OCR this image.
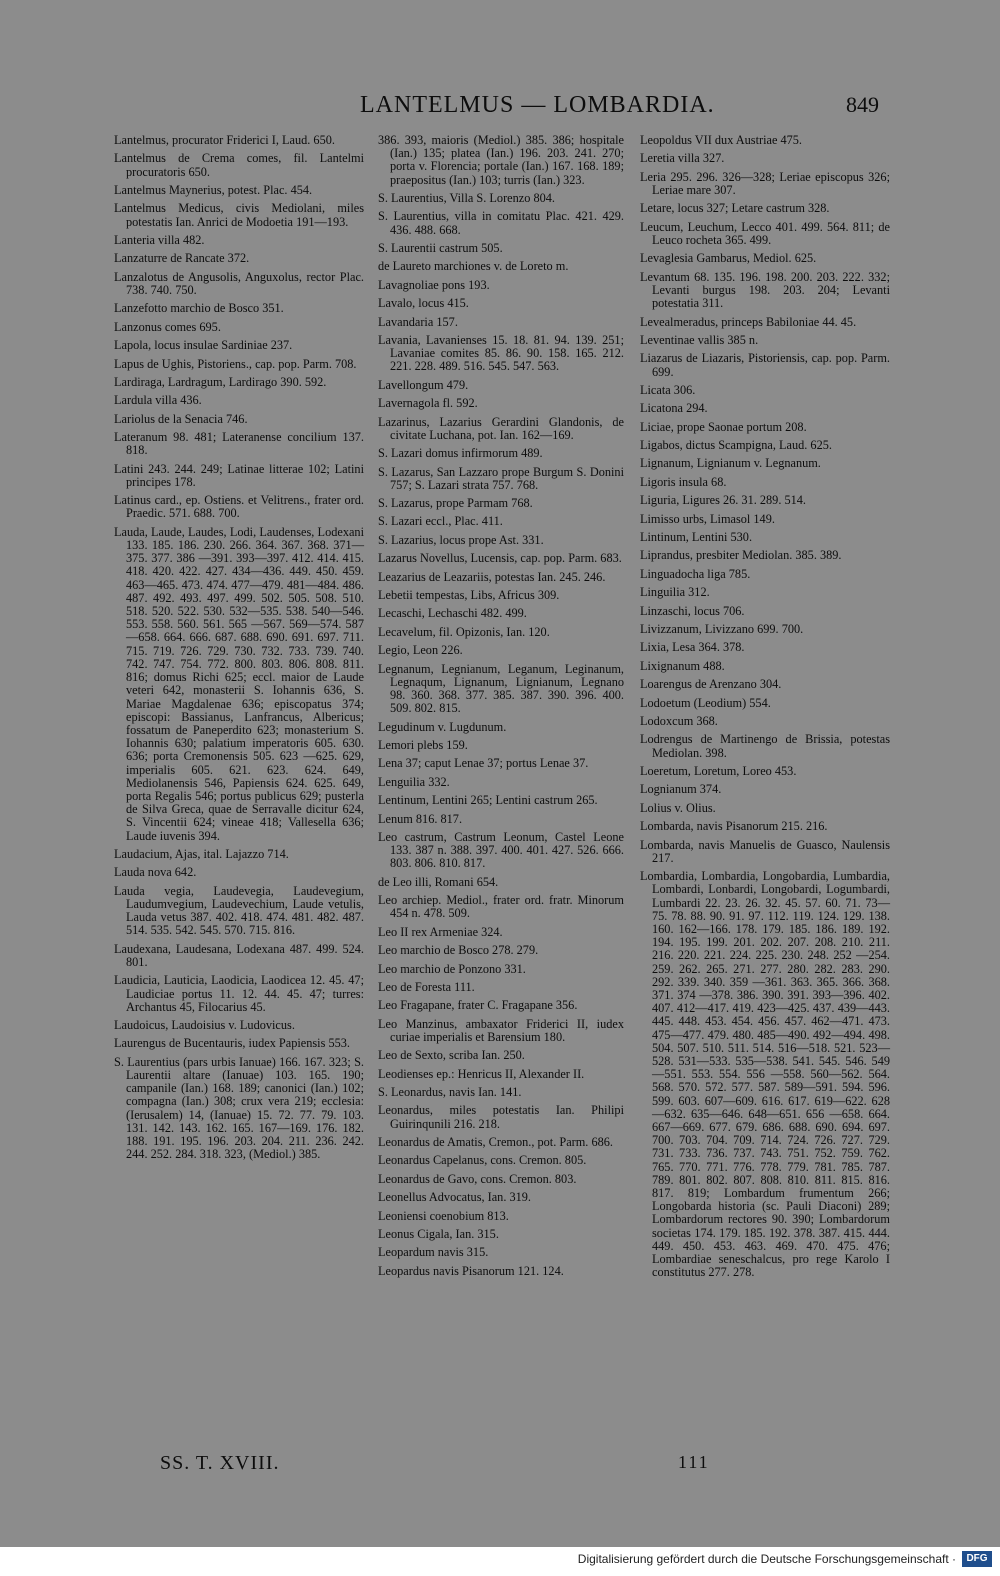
LANTELMUS — LOMBARDIA.	849

Lantelmus, procurator Friderici I, Laud. 650.

Lantelmus de Crema comes, fil. Lantelmi procuratoris 650.

Lantelmus Maynerius, potest. Plac. 454.

Lantelmus Medicus, civis Mediolani, miles potestatis Ian. Anrici de Modoetia 191—193.

Lanteria villa 482.

Lanzaturre de Rancate 372.

Lanzalotus de Angusolis, Anguxolus, rector Plac. 738. 740. 750.

Lanzefotto marchio de Bosco 351.

Lanzonus comes 695.

Lapola, locus insulae Sardiniae 237.

Lapus de Ughis, Pistoriens., cap. pop. Parm. 708.

Lardiraga, Lardragum, Lardirago 390. 592.

Lardula villa 436.

Lariolus de la Senacia 746.

Lateranum 98. 481; Lateranense concilium 137. 818.

Latini 243. 244. 249; Latinae litterae 102; Latini principes 178.

Latinus card., ep. Ostiens. et Velitrens., frater ord. Praedic. 571. 688. 700.

Lauda, Laude, Laudes, Lodi, Laudenses, Lodexani 133. 185. 186. 230. 266. 364. 367. 368. 371—375. 377. 386 —391. 393—397. 412. 414. 415. 418. 420. 422. 427. 434—436. 449. 450. 459. 463—465. 473. 474. 477—479. 481—484. 486. 487. 492. 493. 497. 499. 502. 505. 508. 510. 518. 520. 522. 530. 532—535. 538. 540—546. 553. 558. 560. 561. 565 —567. 569—574. 587—658. 664. 666. 687. 688. 690. 691. 697. 711. 715. 719. 726. 729. 730. 732. 733. 739. 740. 742. 747. 754. 772. 800. 803. 806. 808. 811. 816; domus Richi 625; eccl. maior de Laude veteri 642, monasterii S. Iohannis 636, S. Mariae Magdalenae 636; episcopatus 374; episcopi: Bassianus, Lanfrancus, Albericus; fossatum de Paneperdito 623; monasterium S. Iohannis 630; palatium imperatoris 605. 630. 636; porta Cremonensis 505. 623 —625. 629, imperialis 605. 621. 623. 624. 649, Mediolanensis 546, Papiensis 624. 625. 649, porta Regalis 546; portus publicus 629; pusterla de Silva Greca, quae de Serravalle dicitur 624, S. Vincentii 624; vineae 418; Vallesella 636; Laude iuvenis 394.

Laudacium, Ajas, ital. Lajazzo 714.

Lauda nova 642.

Lauda vegia, Laudevegia, Laudevegium, Laudumvegium, Laudevechium, Laude vetulis, Lauda vetus 387. 402. 418. 474. 481. 482. 487. 514. 535. 542. 545. 570. 715. 816.

Laudexana, Laudesana, Lodexana 487. 499. 524. 801.

Laudicia, Lauticia, Laodicia, Laodicea 12. 45. 47; Laudiciae portus 11. 12. 44. 45. 47; turres: Archantus 45, Filocarius 45.

Laudoicus, Laudoisius v. Ludovicus.

Laurengus de Bucentauris, iudex Papiensis 553.

S. Laurentius (pars urbis Ianuae) 166. 167. 323; S. Laurentii altare (Ianuae) 103. 165. 190; campanile (Ian.) 168. 189; canonici (Ian.) 102; compagna (Ian.) 308; crux vera 219; ecclesia: (Ierusalem) 14, (Ianuae) 15. 72. 77. 79. 103. 131. 142. 143. 162. 165. 167—169. 176. 182. 188. 191. 195. 196. 203. 204. 211. 236. 242. 244. 252. 284. 318. 323, (Mediol.) 385.

386. 393, maioris (Mediol.) 385. 386; hospitale (Ian.) 135; platea (Ian.) 196. 203. 241. 270; porta v. Florencia; portale (Ian.) 167. 168. 189; praepositus (Ian.) 103; turris (Ian.) 323.

S. Laurentius, Villa S. Lorenzo 804.

S. Laurentius, villa in comitatu Plac. 421. 429. 436. 488. 668.

S. Laurentii castrum 505.

de Laureto marchiones v. de Loreto m.

Lavagnoliae pons 193.

Lavalo, locus 415.

Lavandaria 157.

Lavania, Lavanienses 15. 18. 81. 94. 139. 251; Lavaniae comites 85. 86. 90. 158. 165. 212. 221. 228. 489. 516. 545. 547. 563.

Lavellongum 479.

Lavernagola fl. 592.

Lazarinus, Lazarius Gerardini Glandonis, de civitate Luchana, pot. Ian. 162—169.

S. Lazari domus infirmorum 489.

S. Lazarus, San Lazzaro prope Burgum S. Donini 757; S. Lazari strata 757. 768.

S. Lazarus, prope Parmam 768.

S. Lazari eccl., Plac. 411.

S. Lazarius, locus prope Ast. 331.

Lazarus Novellus, Lucensis, cap. pop. Parm. 683.

Leazarius de Leazariis, potestas Ian. 245. 246.

Lebetii tempestas, Libs, Africus 309.

Lecaschi, Lechaschi 482. 499.

Lecavelum, fil. Opizonis, Ian. 120.

Legio, Leon 226.

Legnanum, Legnianum, Leganum, Leginanum, Legnaqum, Lignanum, Lignianum, Legnano 98. 360. 368. 377. 385. 387. 390. 396. 400. 509. 802. 815.

Legudinum v. Lugdunum.

Lemori plebs 159.

Lena 37; caput Lenae 37; portus Lenae 37.

Lenguilia 332.

Lentinum, Lentini 265; Lentini castrum 265.

Lenum 816. 817.

Leo castrum, Castrum Leonum, Castel Leone 133. 387 n. 388. 397. 400. 401. 427. 526. 666. 803. 806. 810. 817.

de Leo illi, Romani 654.

Leo archiep. Mediol., frater ord. fratr. Minorum 454 n. 478. 509.

Leo II rex Armeniae 324.

Leo marchio de Bosco 278. 279.

Leo marchio de Ponzono 331.

Leo de Foresta 111.

Leo Fragapane, frater C. Fragapane 356.

Leo Manzinus, ambaxator Friderici II, iudex curiae imperialis et Barensium 180.

Leo de Sexto, scriba Ian. 250.

Leodienses ep.: Henricus II, Alexander II.

S. Leonardus, navis Ian. 141.

Leonardus, miles potestatis Ian. Philipi Guirinqunili 216. 218.

Leonardus de Amatis, Cremon., pot. Parm. 686.

Leonardus Capelanus, cons. Cremon. 805.

Leonardus de Gavo, cons. Cremon. 803.

Leonellus Advocatus, Ian. 319.

Leoniensi coenobium 813.

Leonus Cigala, Ian. 315.

Leopardum navis 315.

Leopardus navis Pisanorum 121. 124.

Leopoldus VII dux Austriae 475.

Leretia villa 327.

Leria 295. 296. 326—328; Leriae episcopus 326; Leriae mare 307.

Letare, locus 327; Letare castrum 328.

Leucum, Leuchum, Lecco 401. 499. 564. 811; de Leuco rocheta 365. 499.

Levaglesia Gambarus, Mediol. 625.

Levantum 68. 135. 196. 198. 200. 203. 222. 332; Levanti burgus 198. 203. 204; Levanti potestatia 311.

Levealmeradus, princeps Babiloniae 44. 45.

Leventinae vallis 385 n.

Liazarus de Liazaris, Pistoriensis, cap. pop. Parm. 699.

Licata 306.

Licatona 294.

Liciae, prope Saonae portum 208.

Ligabos, dictus Scampigna, Laud. 625.

Lignanum, Lignianum v. Legnanum.

Ligoris insula 68.

Liguria, Ligures 26. 31. 289. 514.

Limisso urbs, Limasol 149.

Lintinum, Lentini 530.

Liprandus, presbiter Mediolan. 385. 389.

Linguadocha liga 785.

Linguilia 312.

Linzaschi, locus 706.

Livizzanum, Livizzano 699. 700.

Lixia, Lesa 364. 378.

Lixignanum 488.

Loarengus de Arenzano 304.

Lodoetum (Leodium) 554.

Lodoxcum 368.

Lodrengus de Martinengo de Brissia, potestas Mediolan. 398.

Loeretum, Loretum, Loreo 453.

Lognianum 374.

Lolius v. Olius.

Lombarda, navis Pisanorum 215. 216.

Lombarda, navis Manuelis de Guasco, Naulensis 217.

Lombardia, Lombardia, Longobardia, Lumbardia, Lombardi, Lonbardi, Longobardi, Logumbardi, Lumbardi 22. 23. 26. 32. 45. 57. 60. 71. 73—75. 78. 88. 90. 91. 97. 112. 119. 124. 129. 138. 160. 162—166. 178. 179. 185. 186. 189. 192. 194. 195. 199. 201. 202. 207. 208. 210. 211. 216. 220. 221. 224. 225. 230. 248. 252 —254. 259. 262. 265. 271. 277. 280. 282. 283. 290. 292. 339. 340. 359 —361. 363. 365. 366. 368. 371. 374 —378. 386. 390. 391. 393—396. 402. 407. 412—417. 419. 423—425. 437. 439—443. 445. 448. 453. 454. 456. 457. 462—471. 473. 475—477. 479. 480. 485—490. 492—494. 498. 504. 507. 510. 511. 514. 516—518. 521. 523—528. 531—533. 535—538. 541. 545. 546. 549—551. 553. 554. 556 —558. 560—562. 564. 568. 570. 572. 577. 587. 589—591. 594. 596. 599. 603. 607—609. 616. 617. 619—622. 628—632. 635—646. 648—651. 656 —658. 664. 667—669. 677. 679. 686. 688. 690. 694. 697. 700. 703. 704. 709. 714. 724. 726. 727. 729. 731. 733. 736. 737. 743. 751. 752. 759. 762. 765. 770. 771. 776. 778. 779. 781. 785. 787. 789. 801. 802. 807. 808. 810. 811. 815. 816. 817. 819; Lombardum frumentum 266; Longobarda historia (sc. Pauli Diaconi) 289; Lombardorum rectores 90. 390; Lombardorum societas 174. 179. 185. 192. 378. 387. 415. 444. 449. 450. 453. 463. 469. 470. 475. 476; Lombardiae seneschalcus, pro rege Karolo I constitutus 277. 278.

SS. T. XVIII.	111
Digitalisierung gefördert durch die Deutsche Forschungsgemeinschaft ·	DFG
